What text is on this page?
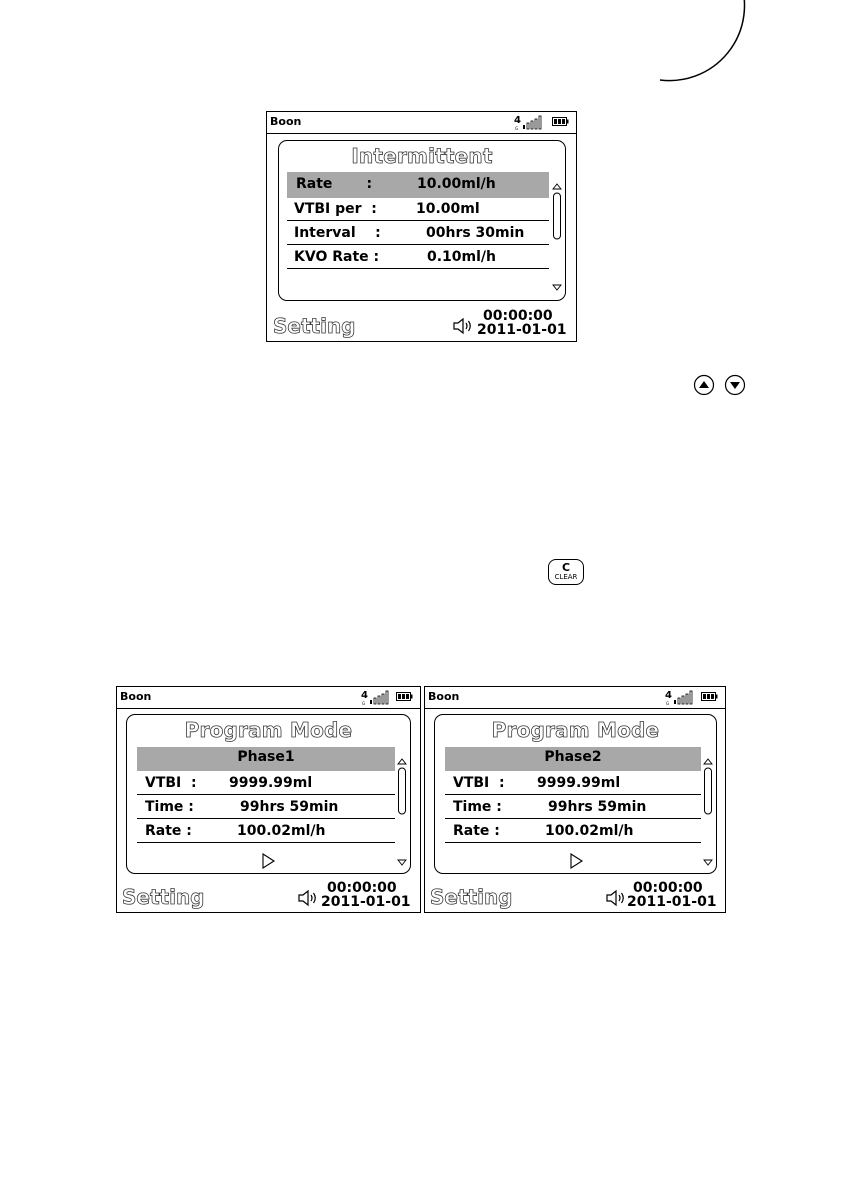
Boon	4
G
Intermittent
Rate       :	10.00ml/h
VTBI per  :	10.00ml
Interval    :	00hrs 30min
KVO Rate :	0.10ml/h
Setting	00:00:00
2011-01-01
C
CLEAR
Boon	4
G
Program Mode
Phase1
VTBI  : 9999.99ml
Time :	99hrs 59min
Rate :	100.02ml/h
Setting	00:00:00
2011-01-01
Boon	4
G
Program Mode
Phase2
VTBI  : 9999.99ml
Time :	99hrs 59min
Rate :	100.02ml/h
Setting	00:00:00
2011-01-01
